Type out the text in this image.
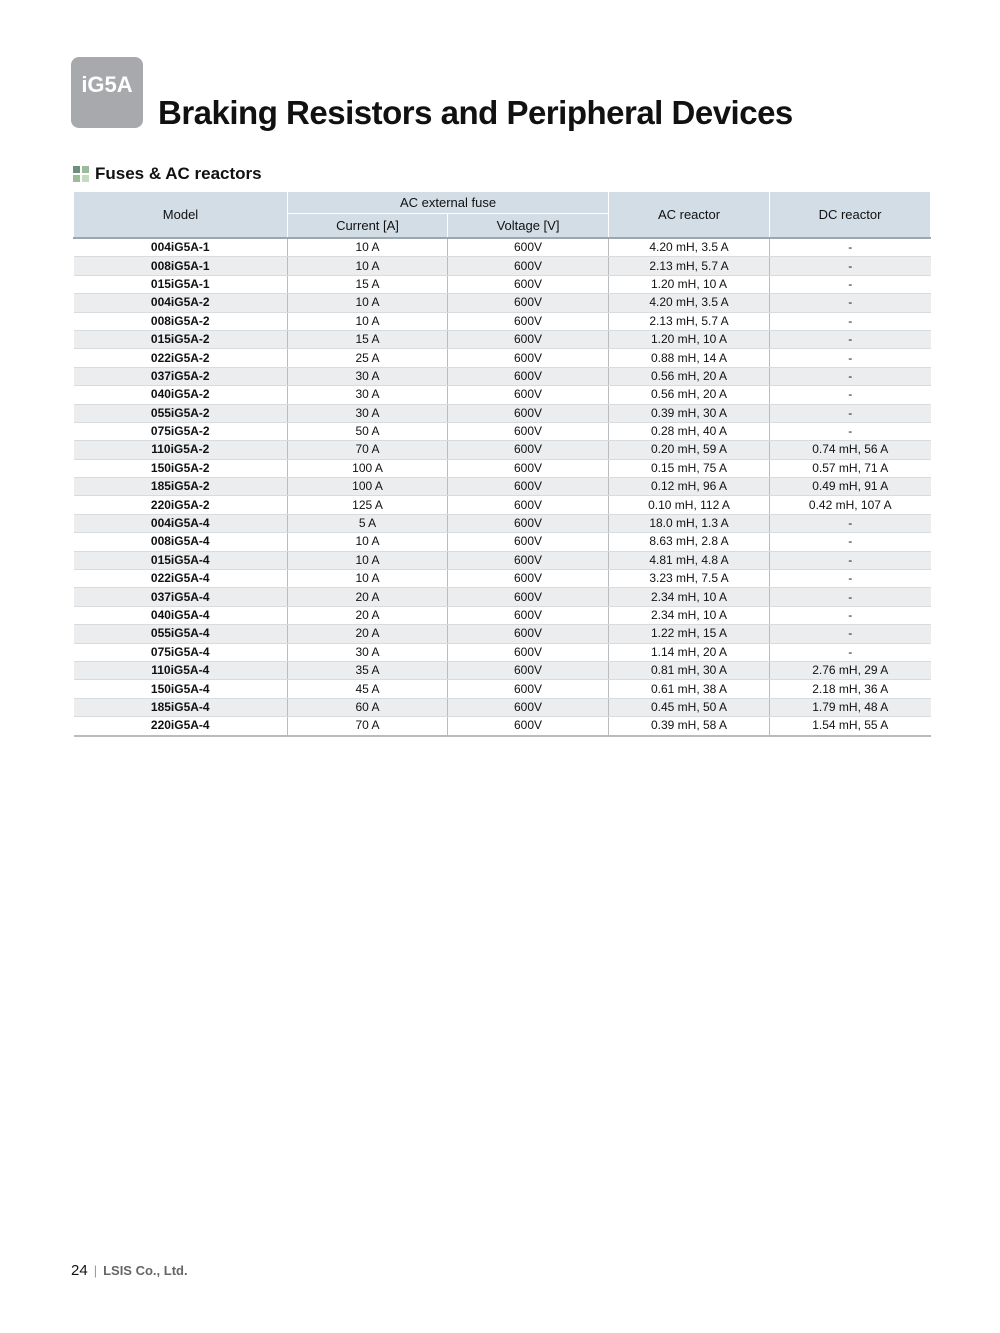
iG5A
Braking Resistors and Peripheral Devices
Fuses & AC reactors
Model	AC external fuse		AC reactor	DC reactor
	Current [A]	Voltage [V]		
004iG5A-1	10 A	600V	4.20 mH, 3.5 A	-
008iG5A-1	10 A	600V	2.13 mH, 5.7 A	-
015iG5A-1	15 A	600V	1.20 mH, 10 A	-
004iG5A-2	10 A	600V	4.20 mH, 3.5 A	-
008iG5A-2	10 A	600V	2.13 mH, 5.7 A	-
015iG5A-2	15 A	600V	1.20 mH, 10 A	-
022iG5A-2	25 A	600V	0.88 mH, 14 A	-
037iG5A-2	30 A	600V	0.56 mH, 20 A	-
040iG5A-2	30 A	600V	0.56 mH, 20 A	-
055iG5A-2	30 A	600V	0.39 mH, 30 A	-
075iG5A-2	50 A	600V	0.28 mH, 40 A	-
110iG5A-2	70 A	600V	0.20 mH, 59 A	0.74 mH, 56 A
150iG5A-2	100 A	600V	0.15 mH, 75 A	0.57 mH, 71 A
185iG5A-2	100 A	600V	0.12 mH, 96 A	0.49 mH, 91 A
220iG5A-2	125 A	600V	0.10 mH, 112 A	0.42 mH, 107 A
004iG5A-4	5 A	600V	18.0 mH, 1.3 A	-
008iG5A-4	10 A	600V	8.63 mH, 2.8 A	-
015iG5A-4	10 A	600V	4.81 mH, 4.8 A	-
022iG5A-4	10 A	600V	3.23 mH, 7.5 A	-
037iG5A-4	20 A	600V	2.34 mH, 10 A	-
040iG5A-4	20 A	600V	2.34 mH, 10 A	-
055iG5A-4	20 A	600V	1.22 mH, 15 A	-
075iG5A-4	30 A	600V	1.14 mH, 20 A	-
110iG5A-4	35 A	600V	0.81 mH, 30 A	2.76 mH, 29 A
150iG5A-4	45 A	600V	0.61 mH, 38 A	2.18 mH, 36 A
185iG5A-4	60 A	600V	0.45 mH, 50 A	1.79 mH, 48 A
220iG5A-4	70 A	600V	0.39 mH, 58 A	1.54 mH, 55 A
24 | LSIS Co., Ltd.
